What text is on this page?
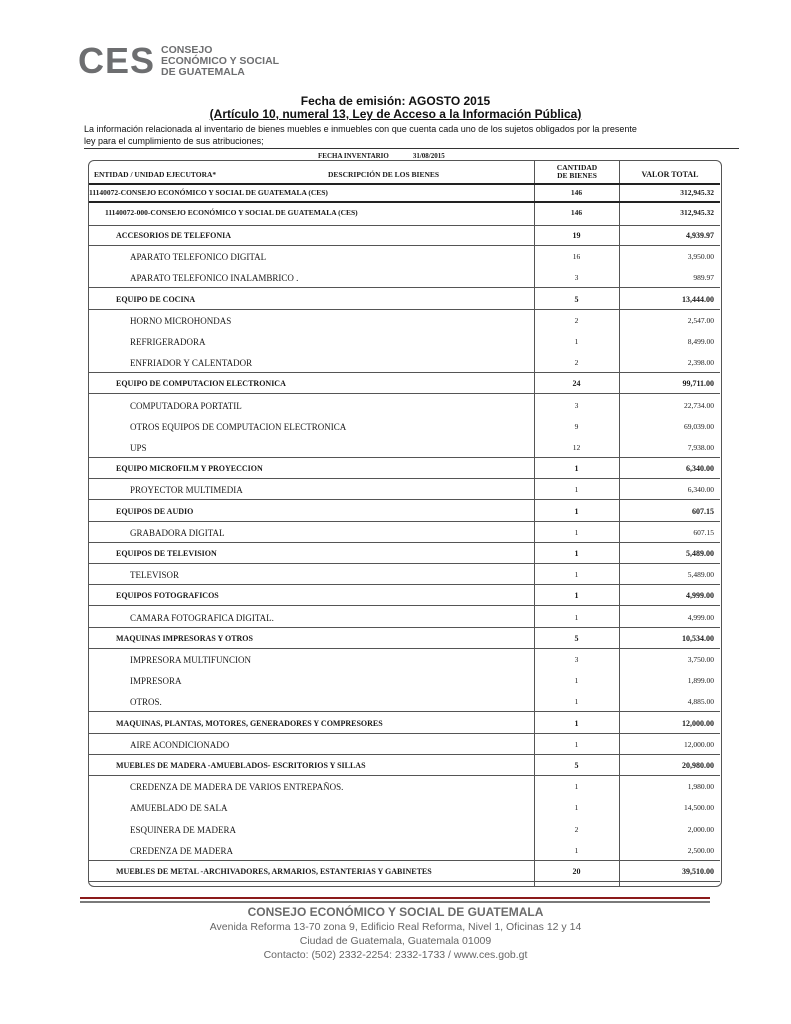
CES CONSEJO
ECONÓMICO Y SOCIAL
DE GUATEMALA
Fecha de emisión: AGOSTO 2015
(Artículo 10, numeral 13, Ley de Acceso a la Información Pública)
La información relacionada al inventario de bienes muebles e inmuebles con que cuenta cada uno de los sujetos obligados por la presente
ley para el cumplimiento de sus atribuciones;
FECHA INVENTARIO	31/08/2015
ENTIDAD / UNIDAD EJECUTORA*	DESCRIPCIÓN DE LOS BIENES
CANTIDAD
DE BIENES	VALOR TOTAL
11140072-CONSEJO ECONÓMICO Y SOCIAL DE GUATEMALA (CES)	146	312,945.32
11140072-000-CONSEJO ECONÓMICO Y SOCIAL DE GUATEMALA (CES)	146	312,945.32
ACCESORIOS DE TELEFONIA	19	4,939.97
APARATO TELEFONICO DIGITAL	16	3,950.00
APARATO TELEFONICO INALAMBRICO .	3	989.97
EQUIPO DE COCINA	5	13,444.00
HORNO MICROHONDAS	2	2,547.00
REFRIGERADORA	1	8,499.00
ENFRIADOR Y CALENTADOR	2	2,398.00
EQUIPO DE COMPUTACION ELECTRONICA	24	99,711.00
COMPUTADORA PORTATIL	3	22,734.00
OTROS EQUIPOS DE COMPUTACION ELECTRONICA	9	69,039.00
UPS	12	7,938.00
EQUIPO MICROFILM Y PROYECCION	1	6,340.00
PROYECTOR MULTIMEDIA	1	6,340.00
EQUIPOS DE AUDIO	1	607.15
GRABADORA DIGITAL	1	607.15
EQUIPOS DE TELEVISION	1	5,489.00
TELEVISOR	1	5,489.00
EQUIPOS FOTOGRAFICOS	1	4,999.00
CAMARA FOTOGRAFICA DIGITAL.	1	4,999.00
MAQUINAS IMPRESORAS Y OTROS	5	10,534.00
IMPRESORA MULTIFUNCION	3	3,750.00
IMPRESORA	1	1,899.00
OTROS.	1	4,885.00
MAQUINAS, PLANTAS, MOTORES, GENERADORES Y COMPRESORES	1	12,000.00
AIRE ACONDICIONADO	1	12,000.00
MUEBLES DE MADERA -AMUEBLADOS- ESCRITORIOS Y SILLAS	5	20,980.00
CREDENZA DE MADERA DE VARIOS ENTREPAÑOS.	1	1,980.00
AMUEBLADO DE SALA	1	14,500.00
ESQUINERA DE MADERA	2	2,000.00
CREDENZA DE MADERA	1	2,500.00
MUEBLES DE METAL -ARCHIVADORES, ARMARIOS, ESTANTERIAS Y GABINETES	20	39,510.00
CONSEJO ECONÓMICO Y SOCIAL DE GUATEMALA
Avenida Reforma 13-70 zona 9, Edificio Real Reforma, Nivel 1, Oficinas 12 y 14
Ciudad de Guatemala, Guatemala 01009
Contacto: (502) 2332-2254: 2332-1733 / www.ces.gob.gt
